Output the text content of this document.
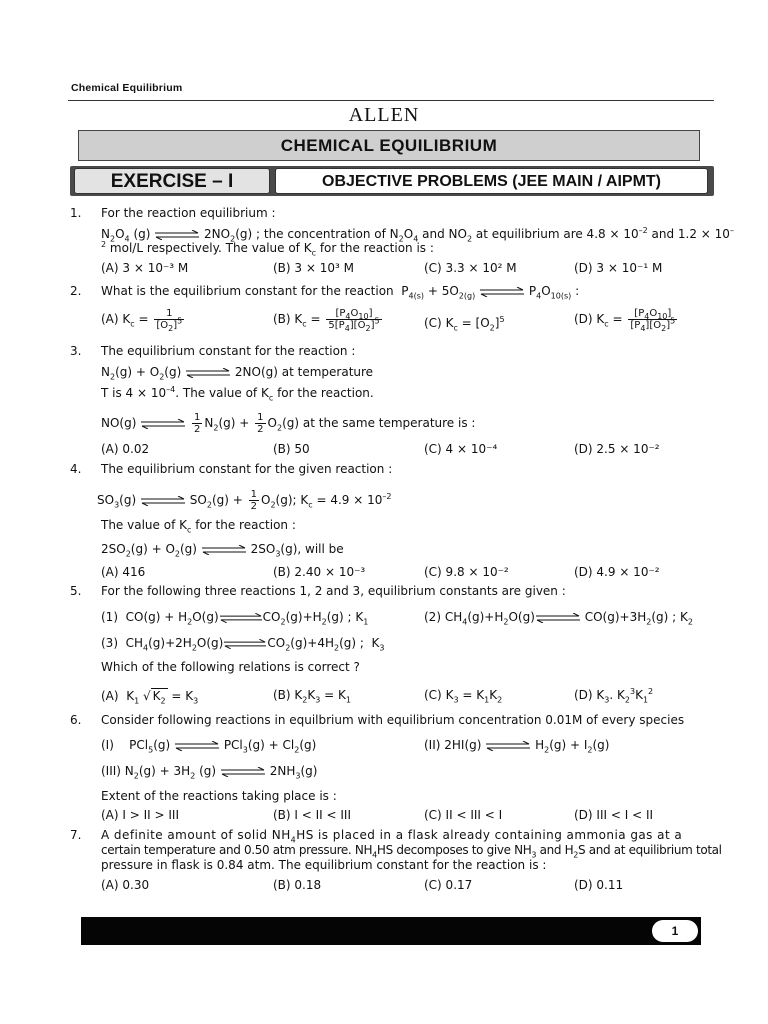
Chemical Equilibrium
ALLEN
CHEMICAL EQUILIBRIUM
EXERCISE – I	OBJECTIVE PROBLEMS (JEE MAIN / AIPMT)
1. For the reaction equilibrium :
$N_2O_4$ (g)	$2NO_2(g)$ ; the concentration of $N_2O_4$ and $NO_2$ at equilibrium are $4.8 \times 10^{-2}$ and 1.2 × 10–
$^2$ mol/L respectively. The value of $K_c$ for the reaction is :
(A) 3 × 10⁻³ M	(B) 3 × 10³ M	(C) 3.3 × 10² M	(D) 3 × 10⁻¹ M
2. What is the equilibrium constant for the reaction  $P_{4(s)} + 5O_{2(g)}$	$P_4O_{10(s)}$ :
(A) $K_c = \frac{1}{[O_2]^5}$	(B) $K_c = \frac{[P_4O_{10}]}{5[P_4][O_2]^5}$	(C) $K_c = [O_2]^5$	(D) $K_c = \frac{[P_4O_{10}]}{[P_4][O_2]^5}$
3. The equilibrium constant for the reaction :
$N_2(g) + O_2(g)$	2NO(g) at temperature
T is $4 \times 10^{-4}$. The value of $K_c$ for the reaction.
NO(g)	$\frac{1}{2} N_2(g) + \frac{1}{2} O_2(g)$ at the same temperature is :
(A) 0.02	(B) 50	(C) 4 × 10⁻⁴	(D) 2.5 × 10⁻²
4. The equilibrium constant for the given reaction :
$SO_3(g)$	$SO_2(g) + \frac{1}{2} O_2(g)$; $K_c = 4.9 \times 10^{-2}$
The value of $K_c$ for the reaction :
$2SO_2(g) + O_2(g)$	$2SO_3(g)$, will be
(A) 416	(B) 2.40 × 10⁻³	(C) 9.8 × 10⁻²	(D) 4.9 × 10⁻²
5. For the following three reactions 1, 2 and 3, equilibrium constants are given :
(1)  $CO(g) + H_2O(g)$	$CO_2(g)+H_2(g)$ ; $K_1$	(2) $CH_4(g)+H_2O(g)$	$CO(g)+3H_2(g)$ ; $K_2$
(3)  $CH_4(g)+2H_2O(g)$	$CO_2(g)+4H_2(g)$ ;  $K_3$
Which of the following relations is correct ?
(A)  $K_1$ √ $K_2 = K_3$	(B) $K_2K_3 = K_1$	(C) $K_3 = K_1K_2$	(D) $K_3$. $K_2^3K_1^2$
6. Consider following reactions in equilbrium with equilibrium concentration 0.01M of every species
(I)    PCl$_5$(g)	$PCl_3(g) + Cl_2(g)$	(II) 2HI(g)	$H_2(g) + I_2(g)$
(III) $N_2(g) + 3H_2$ (g)	$2NH_3(g)$
Extent of the reactions taking place is :
(A) I > II > III	(B) I < II < III	(C) II < III < I	(D) III < I < II
7. A definite amount of solid $NH_4HS$ is placed in a flask already containing ammonia gas at a
certain temperature and 0.50 atm pressure. $NH_4HS$ decomposes to give $NH_3$ and $H_2S$ and at equilibrium total
pressure in flask is 0.84 atm. The equilibrium constant for the reaction is :
(A) 0.30	(B) 0.18	(C) 0.17	(D) 0.11
1
